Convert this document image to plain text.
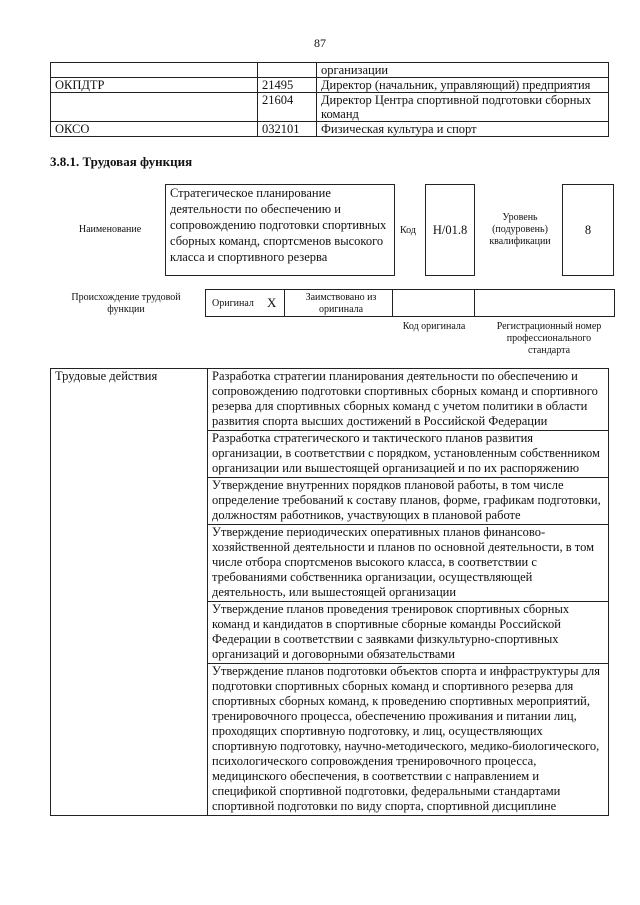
87
		организации
ОКПДТР	21495	Директор (начальник, управляющий) предприятия
	21604	Директор Центра спортивной подготовки сборных команд
ОКСО	032101	Физическая культура и спорт
3.8.1. Трудовая функция
Наименование
Стратегическое планирование деятельности по обеспечению и сопровождению подготовки спортивных сборных команд, спортсменов высокого класса и спортивного резерва
Код	Н/01.8
Уровень (подуровень) квалификации
8
Происхождение трудовой функции
Оригинал X	Заимствовано из оригинала
Код оригинала	Регистрационный номер профессионального стандарта
Трудовые действия	Разработка стратегии планирования деятельности по обеспечению и сопровождению подготовки спортивных сборных команд и спортивного резерва для спортивных сборных команд с учетом политики в области развития спорта высших достижений в Российской Федерации
Разработка стратегического и тактического планов развития организации, в соответствии с порядком, установленным собственником организации или вышестоящей организацией и по их распоряжению
Утверждение внутренних порядков плановой работы, в том числе определение требований к составу планов, форме, графикам подготовки, должностям работников, участвующих в плановой работе
Утверждение периодических оперативных планов финансово-хозяйственной деятельности и планов по основной деятельности, в том числе отбора спортсменов высокого класса, в соответствии с требованиями собственника организации, осуществляющей деятельность, или вышестоящей организации
Утверждение планов проведения тренировок спортивных сборных команд и кандидатов в спортивные сборные команды Российской Федерации в соответствии с заявками физкультурно-спортивных организаций и договорными обязательствами
Утверждение планов подготовки объектов спорта и инфраструктуры для подготовки спортивных сборных команд и спортивного резерва для спортивных сборных команд, к проведению спортивных мероприятий, тренировочного процесса, обеспечению проживания и питании лиц, проходящих спортивную подготовку, и лиц, осуществляющих спортивную подготовку, научно-методического, медико-биологического, психологического сопровождения тренировочного процесса, медицинского обеспечения, в соответствии с направлением и спецификой спортивной подготовки, федеральными стандартами спортивной подготовки по виду спорта, спортивной дисциплине
